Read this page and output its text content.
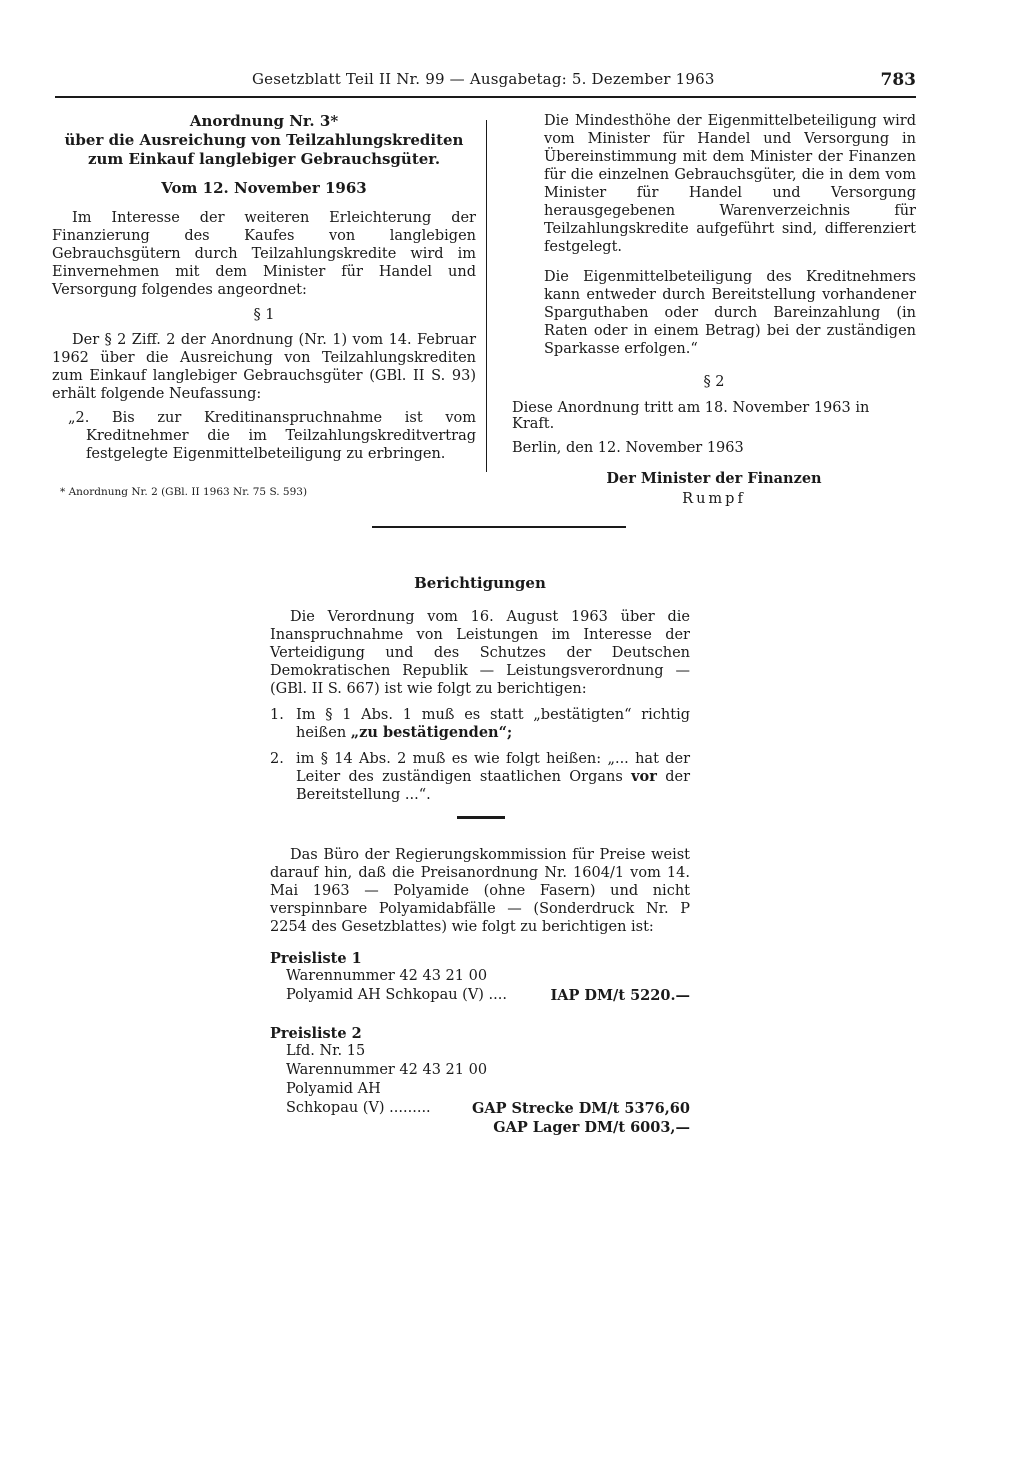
Gesetzblatt Teil II Nr. 99 — Ausgabetag: 5. Dezember 1963	783
Anordnung Nr. 3*
über die Ausreichung von Teilzahlungskrediten
zum Einkauf langlebiger Gebrauchsgüter.
Vom 12. November 1963

Im Interesse der weiteren Erleichterung der Finanzierung des Kaufes von langlebigen Gebrauchsgütern durch Teilzahlungskredite wird im Einvernehmen mit dem Minister für Handel und Versorgung folgendes angeordnet:

§ 1

Der § 2 Ziff. 2 der Anordnung (Nr. 1) vom 14. Februar 1962 über die Ausreichung von Teilzahlungskrediten zum Einkauf langlebiger Gebrauchsgüter (GBl. II S. 93) erhält folgende Neufassung:

„2. Bis zur Kreditinanspruchnahme ist vom Kreditnehmer die im Teilzahlungskreditvertrag festgelegte Eigenmittelbeteiligung zu erbringen.
* Anordnung Nr. 2 (GBl. II 1963 Nr. 75 S. 593)

Die Mindesthöhe der Eigenmittelbeteiligung wird vom Minister für Handel und Versorgung in Übereinstimmung mit dem Minister der Finanzen für die einzelnen Gebrauchsgüter, die in dem vom Minister für Handel und Versorgung herausgegebenen Warenverzeichnis für Teilzahlungskredite aufgeführt sind, differenziert festgelegt.

Die Eigenmittelbeteiligung des Kreditnehmers kann entweder durch Bereitstellung vorhandener Sparguthaben oder durch Bareinzahlung (in Raten oder in einem Betrag) bei der zuständigen Sparkasse erfolgen.“

§ 2
Diese Anordnung tritt am 18. November 1963 in Kraft.
Berlin, den 12. November 1963
Der Minister der Finanzen
Rumpf
Berichtigungen

Die Verordnung vom 16. August 1963 über die Inanspruchnahme von Leistungen im Interesse der Verteidigung und des Schutzes der Deutschen Demokratischen Republik — Leistungsverordnung — (GBl. II S. 667) ist wie folgt zu berichtigen:

1. Im § 1 Abs. 1 muß es statt „bestätigten“ richtig heißen „zu bestätigenden“;
2. im § 14 Abs. 2 muß es wie folgt heißen: „... hat der Leiter des zuständigen staatlichen Organs vor der Bereitstellung ...“.

Das Büro der Regierungskommission für Preise weist darauf hin, daß die Preisanordnung Nr. 1604/1 vom 14. Mai 1963 — Polyamide (ohne Fasern) und nicht verspinnbare Polyamidabfälle — (Sonderdruck Nr. P 2254 des Gesetzblattes) wie folgt zu berichtigen ist:

Preisliste 1
Warennummer 42 43 21 00
Polyamid AH Schkopau (V) ....	IAP DM/t 5220.—
Preisliste 2
Lfd. Nr. 15
Warennummer 42 43 21 00
Polyamid AH
Schkopau (V) .........	GAP Strecke DM/t 5376,60
GAP Lager DM/t 6003,—
